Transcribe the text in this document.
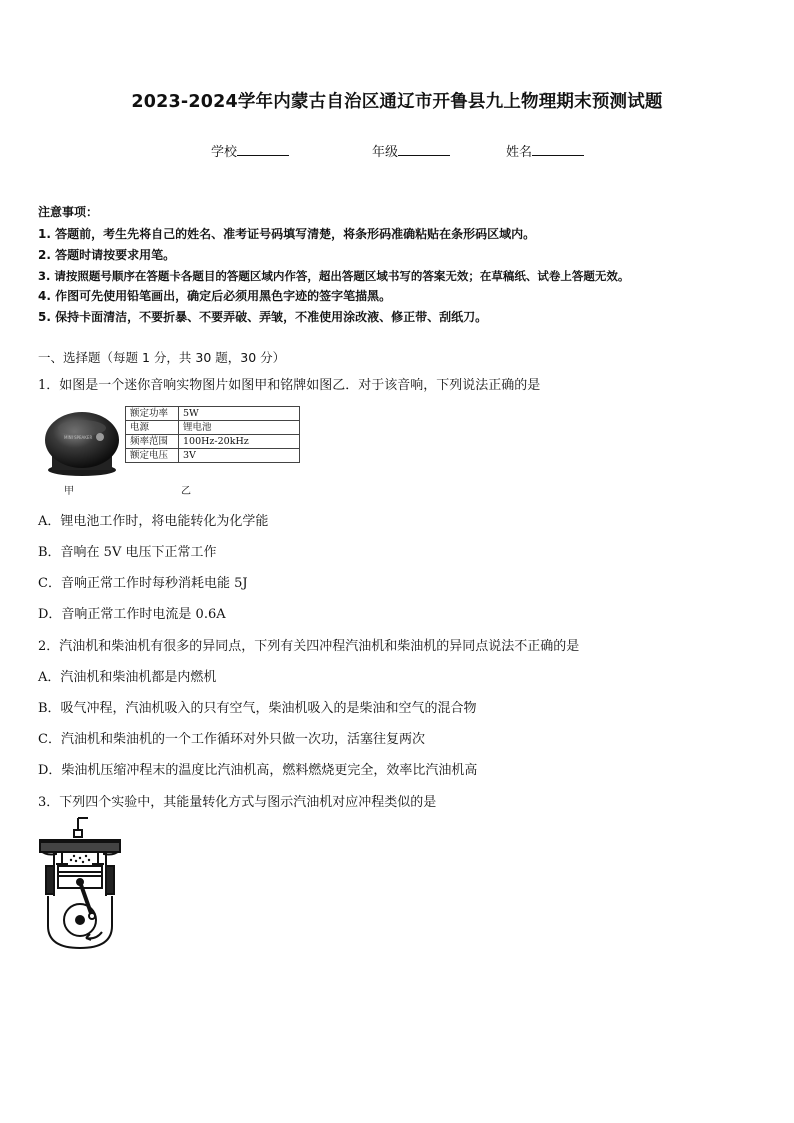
2023-2024学年内蒙古自治区通辽市开鲁县九上物理期末预测试题
学校	年级	姓名
注意事项：
1. 答题前，考生先将自己的姓名、准考证号码填写清楚，将条形码准确粘贴在条形码区域内。
2. 答题时请按要求用笔。
3. 请按照题号顺序在答题卡各题目的答题区域内作答，超出答题区域书写的答案无效；在草稿纸、试卷上答题无效。
4. 作图可先使用铅笔画出，确定后必须用黑色字迹的签字笔描黑。
5. 保持卡面清洁，不要折暴、不要弄破、弄皱，不准使用涂改液、修正带、刮纸刀。
一、选择题（每题 1 分，共 30 题，30 分）
1．如图是一个迷你音响实物图片如图甲和铭牌如图乙．对于该音响，下列说法正确的是
MINI SPEAKER
额定功率	5W
电源	锂电池
频率范围	100Hz-20kHz
额定电压	3V
甲	乙
A．锂电池工作时，将电能转化为化学能
B．音响在 5V 电压下正常工作
C．音响正常工作时每秒消耗电能 5J
D．音响正常工作时电流是 0.6A
2．汽油机和柴油机有很多的异同点，下列有关四冲程汽油机和柴油机的异同点说法不正确的是
A．汽油机和柴油机都是内燃机
B．吸气冲程，汽油机吸入的只有空气，柴油机吸入的是柴油和空气的混合物
C．汽油机和柴油机的一个工作循环对外只做一次功，活塞往复两次
D．柴油机压缩冲程末的温度比汽油机高，燃料燃烧更完全，效率比汽油机高
3．下列四个实验中，其能量转化方式与图示汽油机对应冲程类似的是
